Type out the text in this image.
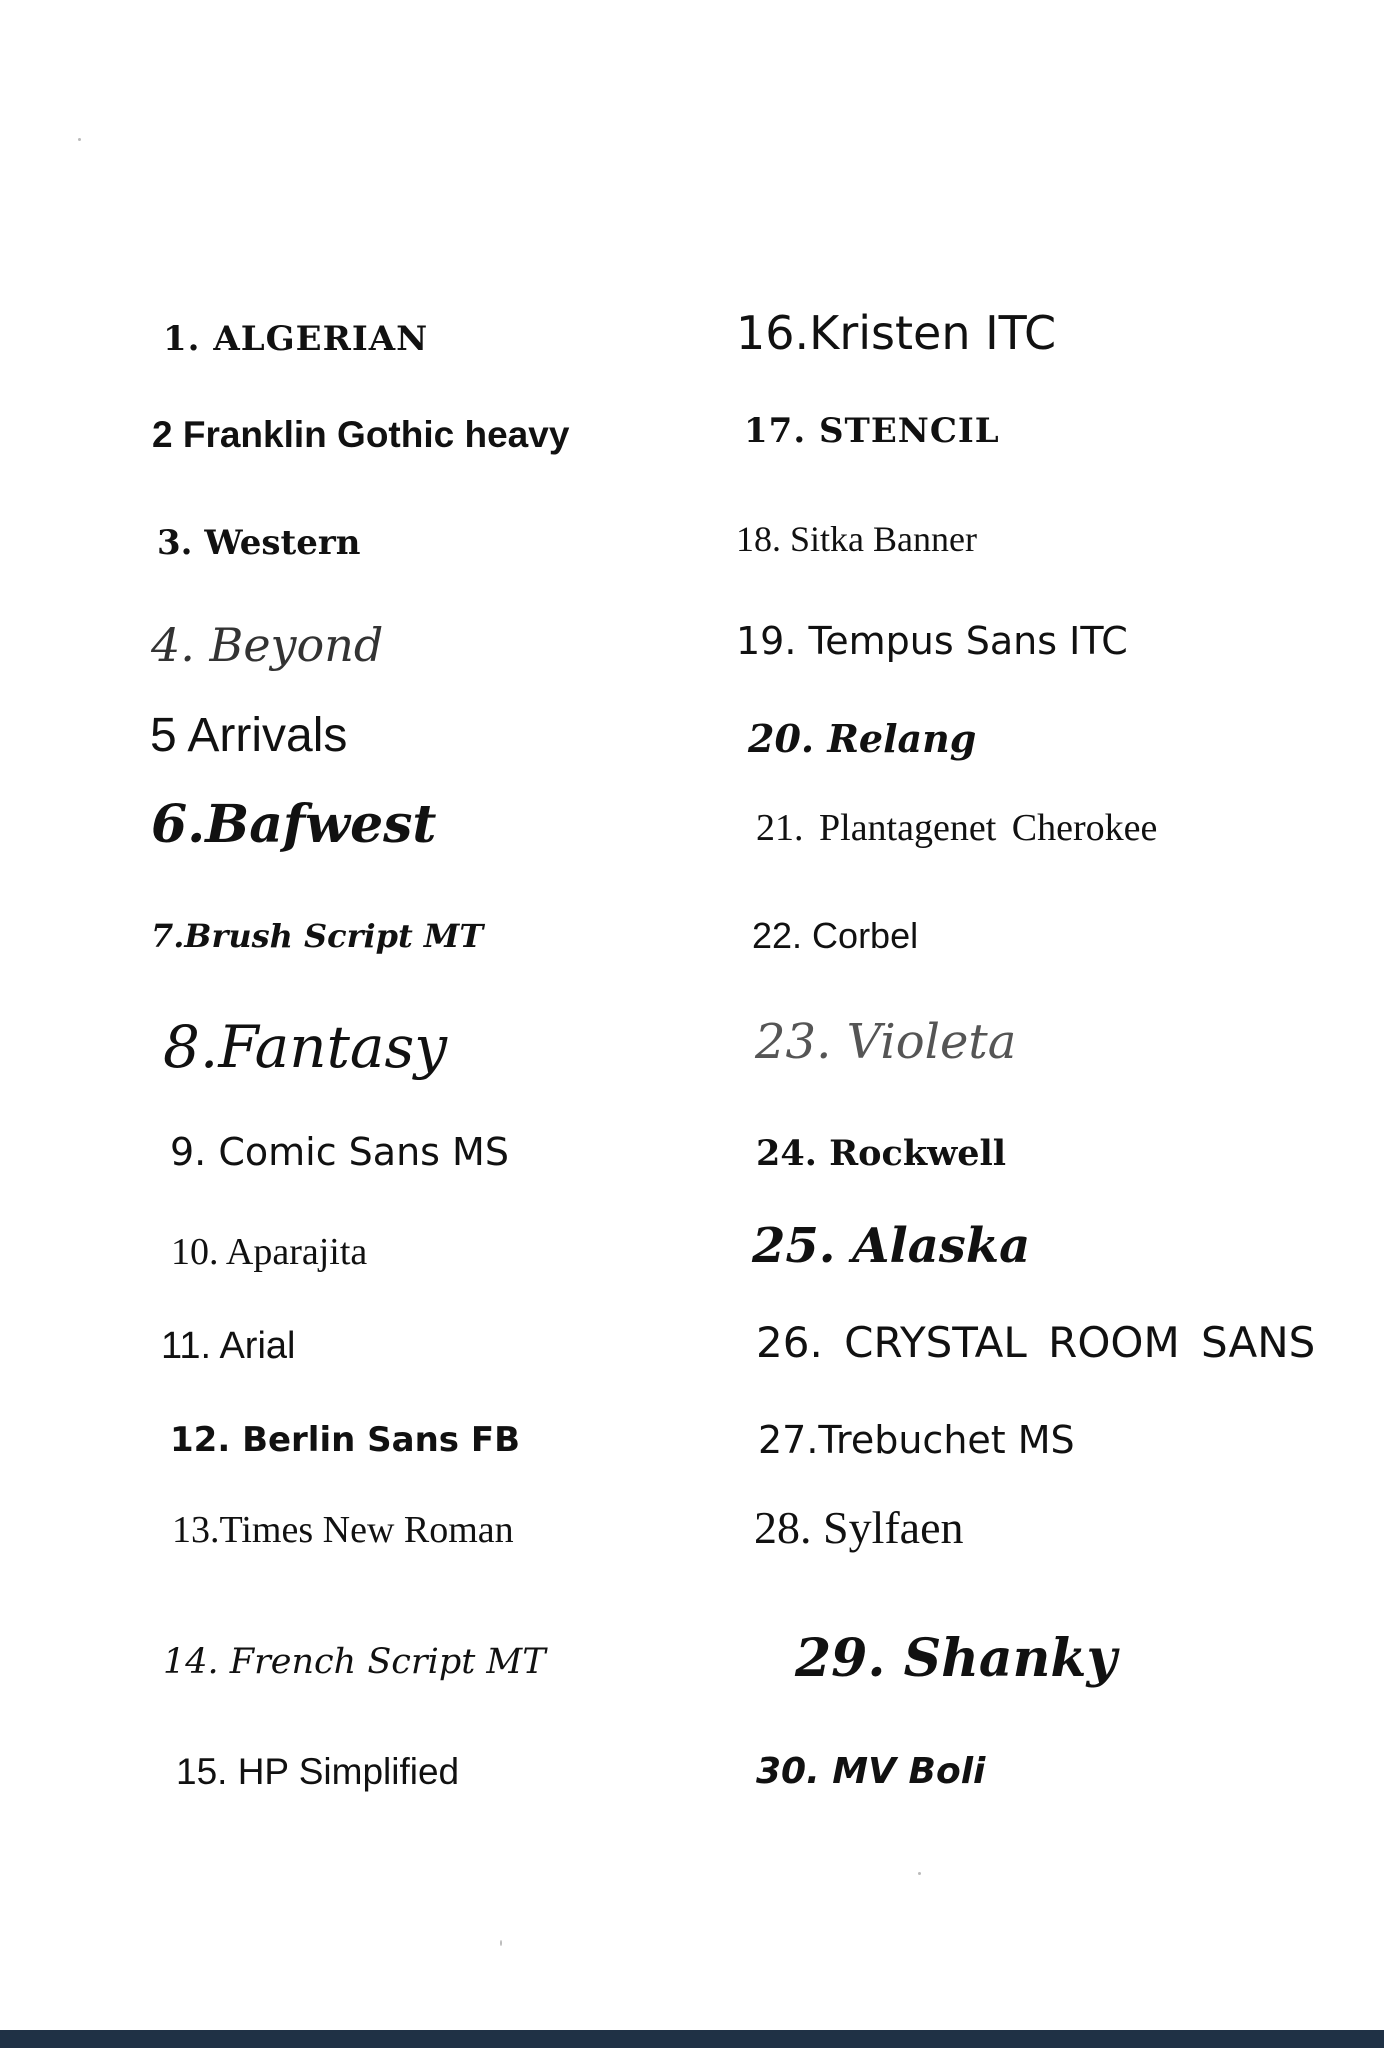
1. ALGERIAN
2 Franklin Gothic heavy
3. Western
4. Beyond
5 Arrivals
6.Bafwest
7.Brush Script MT
8.Fantasy
9. Comic Sans MS
10. Aparajita
11. Arial
12. Berlin Sans FB
13.Times New Roman
14. French Script MT
15. HP Simplified
16.Kristen ITC
17. STENCIL
18. Sitka Banner
19. Tempus Sans ITC
20. Relang
21. Plantagenet Cherokee
22. Corbel
23. Violeta
24. Rockwell
25. Alaska
26. CRYSTAL ROOM SANS
27.Trebuchet MS
28. Sylfaen
29. Shanky
30. MV Boli
